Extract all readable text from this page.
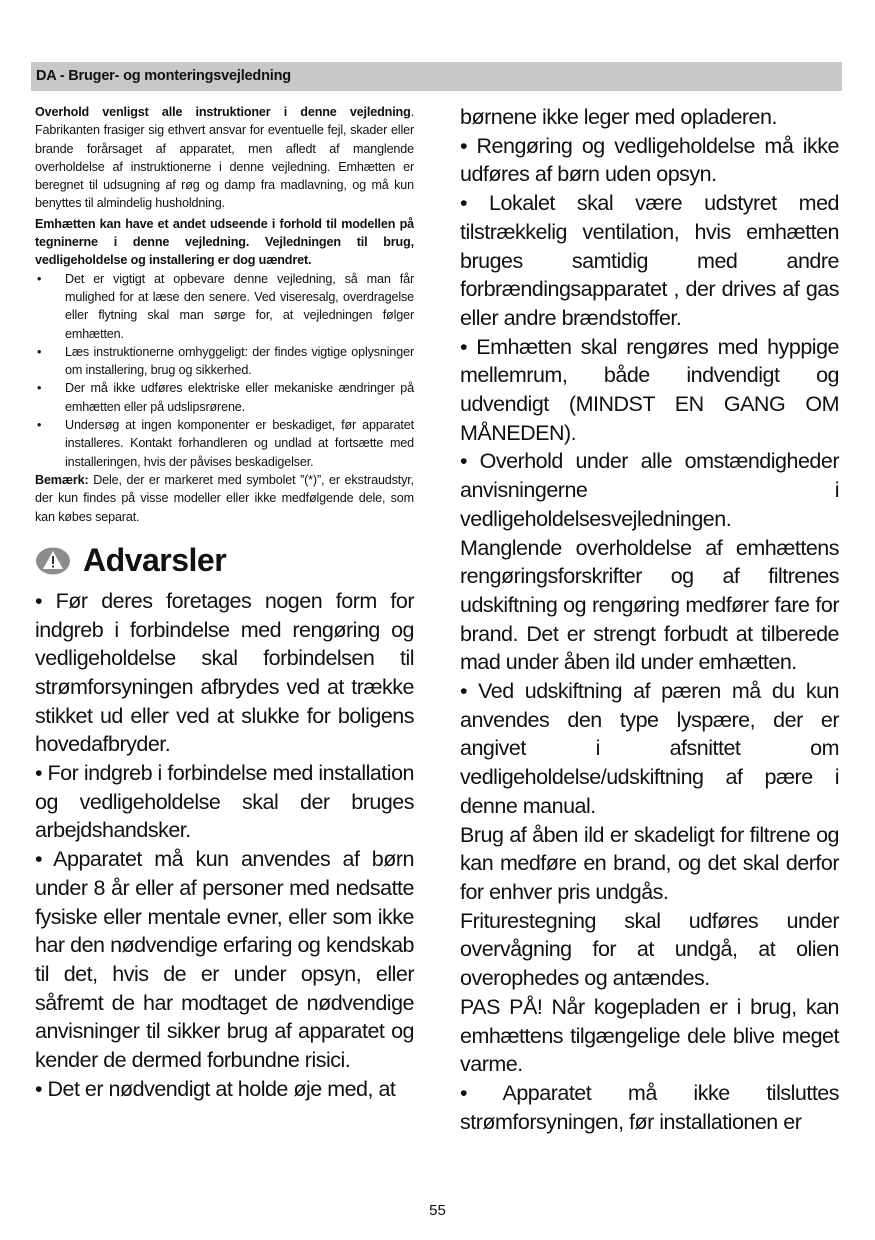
DA - Bruger- og monteringsvejledning

Overhold venligst alle instruktioner i denne vejledning. Fabrikanten frasiger sig ethvert ansvar for eventuelle fejl, skader eller brande forårsaget af apparatet, men afledt af manglende overholdelse af instruktionerne i denne vejledning. Emhætten er beregnet til udsugning af røg og damp fra madlavning, og må kun benyttes til almindelig husholdning.

Emhætten kan have et andet udseende i forhold til modellen på tegninerne i denne vejledning. Vejledningen til brug, vedligeholdelse og installering er dog uændret.

• Det er vigtigt at opbevare denne vejledning, så man får mulighed for at læse den senere. Ved viseresalg, overdragelse eller flytning skal man sørge for, at vejledningen følger emhætten.
• Læs instruktionerne omhyggeligt: der findes vigtige oplysninger om installering, brug og sikkerhed.
• Der må ikke udføres elektriske eller mekaniske ændringer på emhætten eller på udslipsrørene.
• Undersøg at ingen komponenter er beskadiget, før apparatet installeres. Kontakt forhandleren og undlad at fortsætte med installeringen, hvis der påvises beskadigelser.

Bemærk: Dele, der er markeret med symbolet ”(*)”, er ekstraudstyr, der kun findes på visse modeller eller ikke medfølgende dele, som kan købes separat.

Advarsler

• Før deres foretages nogen form for indgreb i forbindelse med rengøring og vedligeholdelse skal forbindelsen til strømforsyningen afbrydes ved at trække stikket ud eller ved at slukke for boligens hovedafbryder.

• For indgreb i forbindelse med installation og vedligeholdelse skal der bruges arbejdshandsker.

• Apparatet må kun anvendes af børn under 8 år eller af personer med nedsatte fysiske eller mentale evner, eller som ikke har den nødvendige erfaring og kendskab til det, hvis de er under opsyn, eller såfremt de har modtaget de nødvendige anvisninger til sikker brug af apparatet og kender de dermed forbundne risici.

• Det er nødvendigt at holde øje med, at

børnene ikke leger med opladeren.

• Rengøring og vedligeholdelse må ikke udføres af børn uden opsyn.

• Lokalet skal være udstyret med tilstrækkelig ventilation, hvis emhætten bruges samtidig med andre forbrændingsapparatet , der drives af gas eller andre brændstoffer.

• Emhætten skal rengøres med hyppige mellemrum, både indvendigt og udvendigt (MINDST EN GANG OM MÅNEDEN).

• Overhold under alle omstændigheder anvisningerne i vedligeholdelsesvejledningen.

Manglende overholdelse af emhættens rengøringsforskrifter og af filtrenes udskiftning og rengøring medfører fare for brand. Det er strengt forbudt at tilberede mad under åben ild under emhætten.

• Ved udskiftning af pæren må du kun anvendes den type lyspære, der er angivet i afsnittet om vedligeholdelse/udskiftning af pære i denne manual.

Brug af åben ild er skadeligt for filtrene og kan medføre en brand, og det skal derfor for enhver pris undgås.

Friturestegning skal udføres under overvågning for at undgå, at olien overophedes og antændes.

PAS PÅ! Når kogepladen er i brug, kan emhættens tilgængelige dele blive meget varme.

• Apparatet må ikke tilsluttes strømforsyningen, før installationen er

55
